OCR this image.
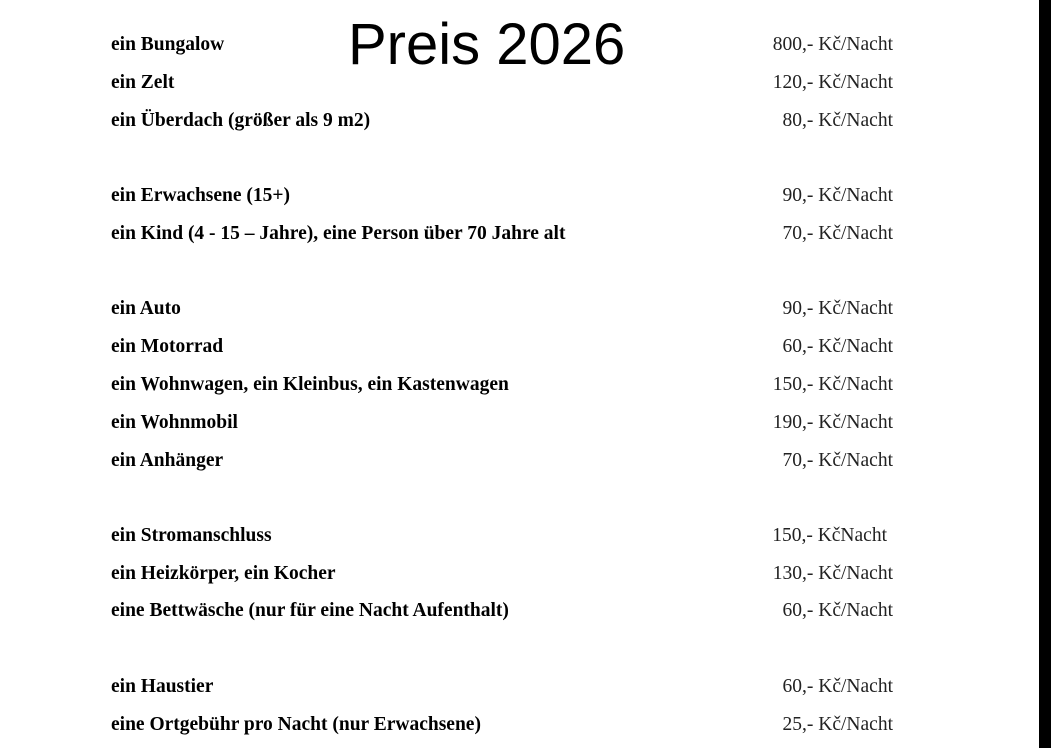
Preis 2026
ein Bungalow	800,- Kč/Nacht
ein Zelt	120,- Kč/Nacht
ein Überdach (größer als 9 m2)	80,- Kč/Nacht
ein Erwachsene (15+)	90,- Kč/Nacht
ein Kind (4 - 15 – Jahre), eine Person über 70 Jahre alt	70,- Kč/Nacht
ein Auto	90,- Kč/Nacht
ein Motorrad	60,- Kč/Nacht
ein Wohnwagen, ein Kleinbus, ein Kastenwagen	150,- Kč/Nacht
ein Wohnmobil	190,- Kč/Nacht
ein Anhänger	70,- Kč/Nacht
ein Stromanschluss	150,- KčNacht
ein Heizkörper, ein Kocher	130,- Kč/Nacht
eine Bettwäsche (nur für eine Nacht Aufenthalt)	60,- Kč/Nacht
ein Haustier	60,- Kč/Nacht
eine Ortgebühr pro Nacht (nur Erwachsene)	25,- Kč/Nacht
